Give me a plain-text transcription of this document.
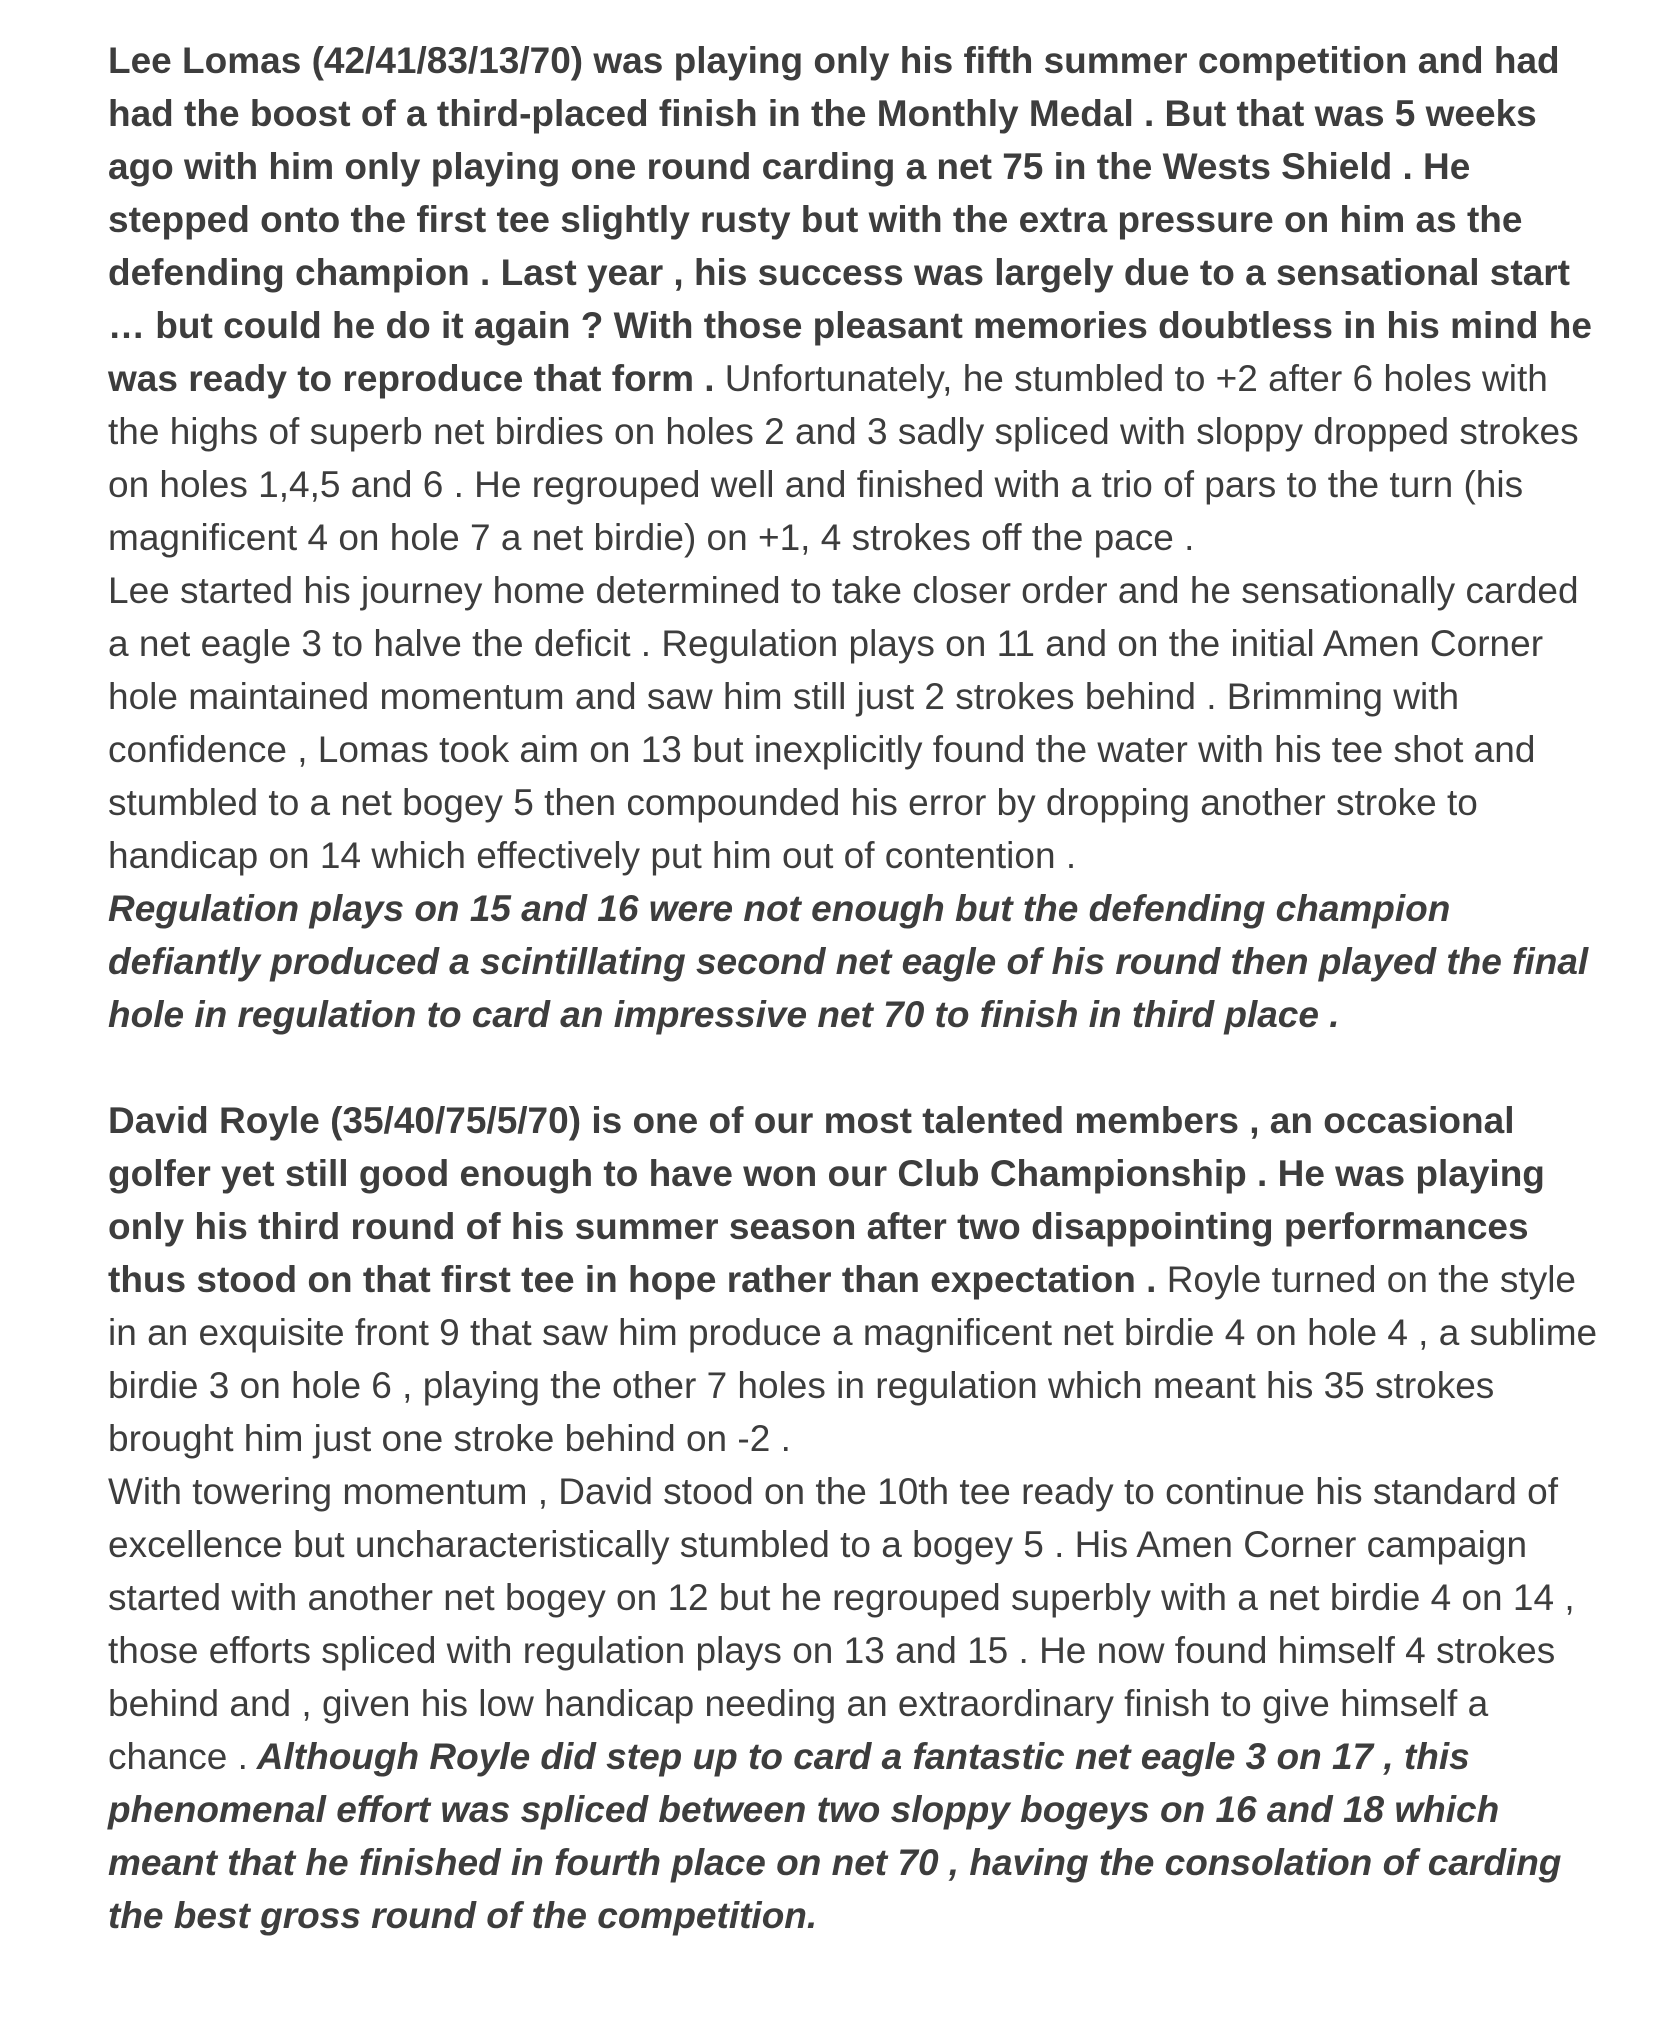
Lee Lomas (42/41/83/13/70) was playing only his fifth summer competition and had had the boost of a third-placed finish in the Monthly Medal . But that was 5 weeks ago with him only playing one round carding a net 75 in the Wests Shield . He stepped onto the first tee slightly rusty but with the extra pressure on him as the defending champion . Last year , his success was largely due to a sensational start … but could he do it again ? With those pleasant memories doubtless in his mind he was ready to reproduce that form . Unfortunately, he stumbled to +2 after 6 holes with the highs of superb net birdies on holes 2 and 3 sadly spliced with sloppy dropped strokes on holes 1,4,5 and 6 . He regrouped well and finished with a trio of pars to the turn (his magnificent 4 on hole 7 a net birdie) on +1, 4 strokes off the pace .

Lee started his journey home determined to take closer order and he sensationally carded a net eagle 3 to halve the deficit . Regulation plays on 11 and on the initial Amen Corner hole maintained momentum and saw him still just 2 strokes behind . Brimming with confidence , Lomas took aim on 13 but inexplicitly found the water with his tee shot and stumbled to a net bogey 5 then compounded his error by dropping another stroke to handicap on 14 which effectively put him out of contention .
Regulation plays on 15 and 16 were not enough but the defending champion defiantly produced a scintillating second net eagle of his round then played the final hole in regulation to card an impressive net 70 to finish in third place .

David Royle (35/40/75/5/70) is one of our most talented members , an occasional golfer yet still good enough to have won our Club Championship . He was playing only his third round of his summer season after two disappointing performances thus stood on that first tee in hope rather than expectation . Royle turned on the style in an exquisite front 9 that saw him produce a magnificent net birdie 4 on hole 4 , a sublime birdie 3 on hole 6 , playing the other 7 holes in regulation which meant his 35 strokes brought him just one stroke behind on -2 .

With towering momentum , David stood on the 10th tee ready to continue his standard of excellence but uncharacteristically stumbled to a bogey 5 . His Amen Corner campaign started with another net bogey on 12 but he regrouped superbly with a net birdie 4 on 14 , those efforts spliced with regulation plays on 13 and 15 . He now found himself 4 strokes behind and , given his low handicap needing an extraordinary finish to give himself a chance . Although Royle did step up to card a fantastic net eagle 3 on 17 , this phenomenal effort was spliced between two sloppy bogeys on 16 and 18 which meant that he finished in fourth place on net 70 , having the consolation of carding the best gross round of the competition.
